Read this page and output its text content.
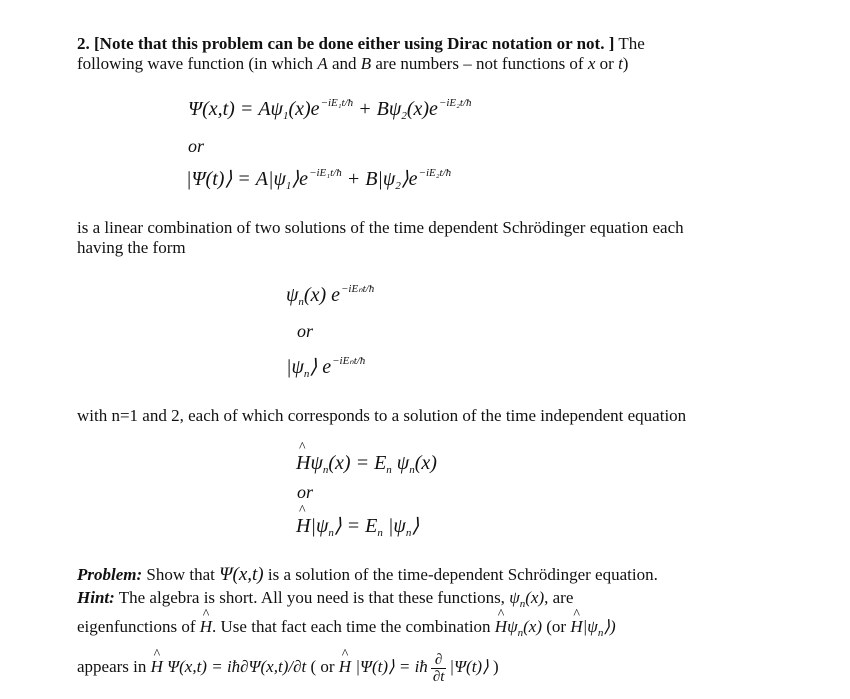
2. [Note that this problem can be done either using Dirac notation or not. ] The
following wave function (in which A and B are numbers – not functions of x or t)
$\Psi(x,t) = A\psi_1(x)e^{-iE_1t/ħ} + B\psi_2(x)e^{-iE_2t/ħ}$
or
|Ψ(t)⟩ = $A|\psi_1⟩e^{-iE_1t/ħ}$ + $B|\psi_2⟩e^{-iE_2t/ħ}$
is a linear combination of two solutions of the time dependent Schrödinger equation each
having the form
$\psi_n(x)$ $e^{-iE_nt/ħ}$
or
$|\psi_n⟩$ $e^{-iE_nt/ħ}$
with n=1 and 2, each of which corresponds to a solution of the time independent equation
^ $H\psi_n(x) = E_n$ $\psi_n(x)$
or
^ $H|\psi_n⟩ = E_n$ $|\psi_n⟩$
Problem: Show that Ψ(x,t) is a solution of the time-dependent Schrödinger equation.
Hint: The algebra is short. All you need is that these functions, $\psi_n(x)$, are
eigenfunctions of ^ H. Use that fact each time the combination ^ $H\psi_n(x)$ (or ^ $H|\psi_n⟩$)
appears in ^ H Ψ(x,t) = iħ∂Ψ(x,t)/∂t ( or ^ H |Ψ(t)⟩ = iħ $\frac{\partial}{\partial t}$ |Ψ(t)⟩ )
